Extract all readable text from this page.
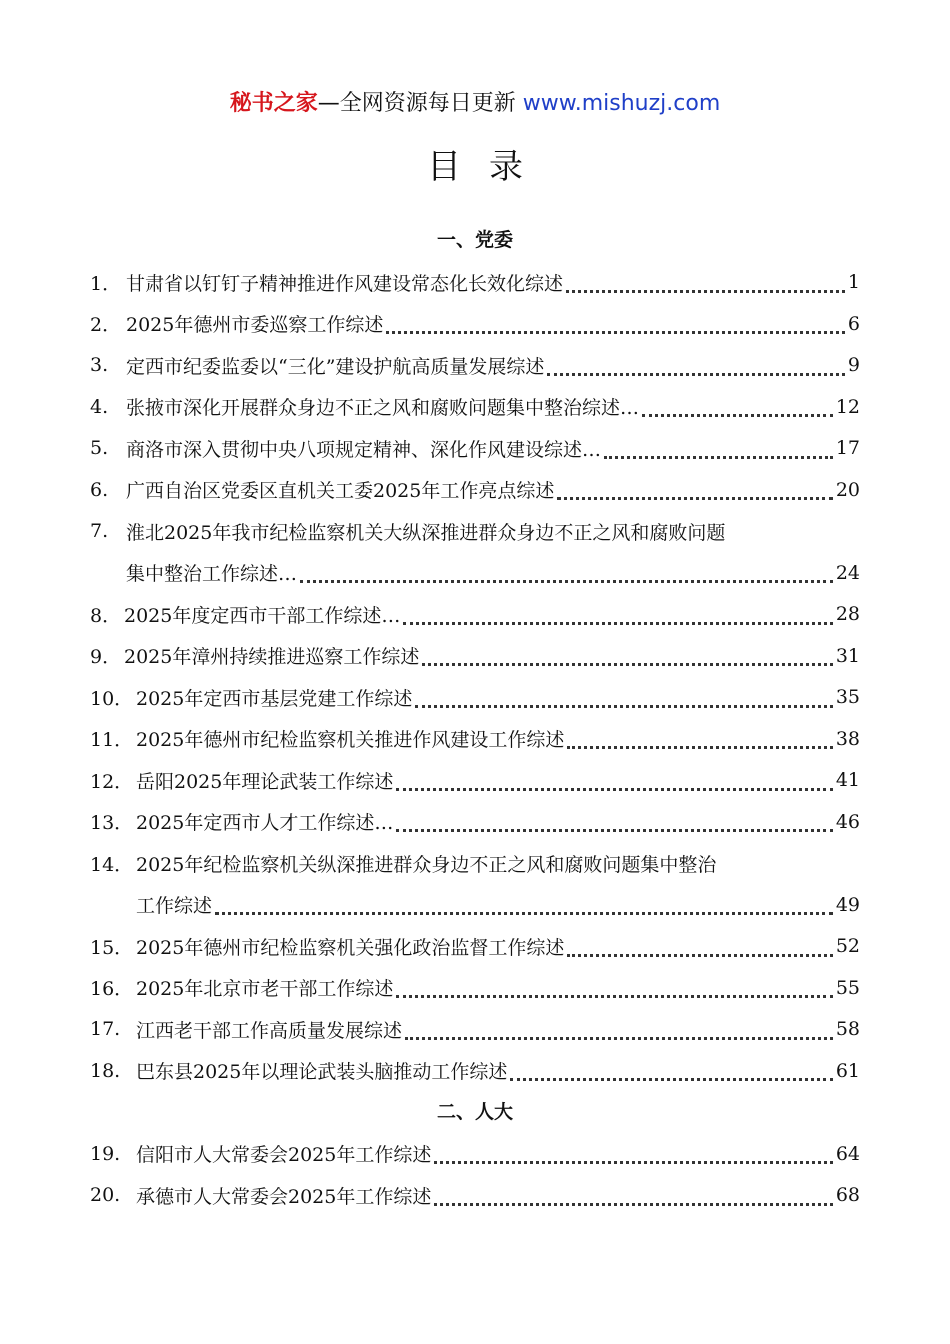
秘书之家—全网资源每日更新 www.mishuzj.com
目录
一、党委
1． 甘肃省以钉钉子精神推进作风建设常态化长效化综述	1
2． 2025年德州市委巡察工作综述	6
3. 定西市纪委监委以“三化”建设护航高质量发展综述	9
4. 张掖市深化开展群众身边不正之风和腐败问题集中整治综述…	12
5. 商洛市深入贯彻中央八项规定精神、深化作风建设综述…	17
6. 广西自治区党委区直机关工委2025年工作亮点综述	20
7. 淮北2025年我市纪检监察机关大纵深推进群众身边不正之风和腐败问题
集中整治工作综述…	24
8． 2025年度定西市干部工作综述…	28
9． 2025年漳州持续推进巡察工作综述	31
10． 2025年定西市基层党建工作综述	35
11． 2025年德州市纪检监察机关推进作风建设工作综述	38
12． 岳阳2025年理论武装工作综述	41
13． 2025年定西市人才工作综述…	46
14． 2025年纪检监察机关纵深推进群众身边不正之风和腐败问题集中整治
工作综述	49
15． 2025年德州市纪检监察机关强化政治监督工作综述	52
16． 2025年北京市老干部工作综述	55
17. 江西老干部工作高质量发展综述	58
18. 巴东县2025年以理论武装头脑推动工作综述	61
二、人大
19. 信阳市人大常委会2025年工作综述	64
20. 承德市人大常委会2025年工作综述	68
